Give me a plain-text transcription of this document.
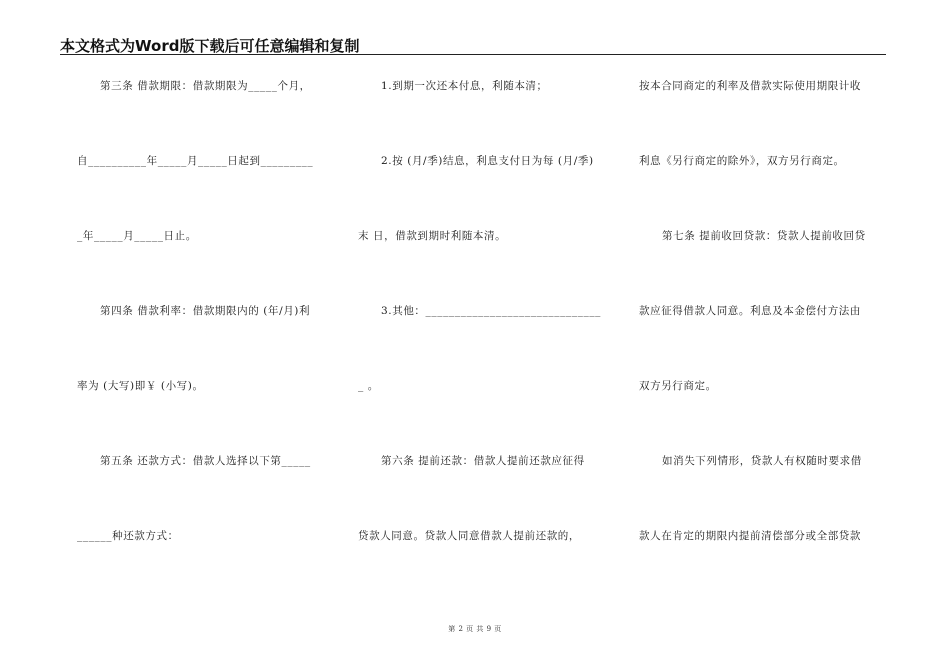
本文格式为Word版下载后可任意编辑和复制
第三条 借款期限：借款期限为_____个月，
自__________年_____月_____日起到_________
_年_____月_____日止。
第四条 借款利率：借款期限内的 (年/月)利
率为 (大写)即￥ (小写)。
第五条 还款方式：借款人选择以下第_____
______种还款方式：
1.到期一次还本付息，利随本清；
2.按 (月/季)结息，利息支付日为每 (月/季)
末 日，借款到期时利随本清。
3.其他：______________________________
_ 。
第六条 提前还款：借款人提前还款应征得
贷款人同意。贷款人同意借款人提前还款的，
按本合同商定的利率及借款实际使用期限计收
利息《另行商定的除外》，双方另行商定。
第七条 提前收回贷款：贷款人提前收回贷
款应征得借款人同意。利息及本金偿付方法由
双方另行商定。
如消失下列情形，贷款人有权随时要求借
款人在肯定的期限内提前清偿部分或全部贷款
第 2 页 共 9 页
